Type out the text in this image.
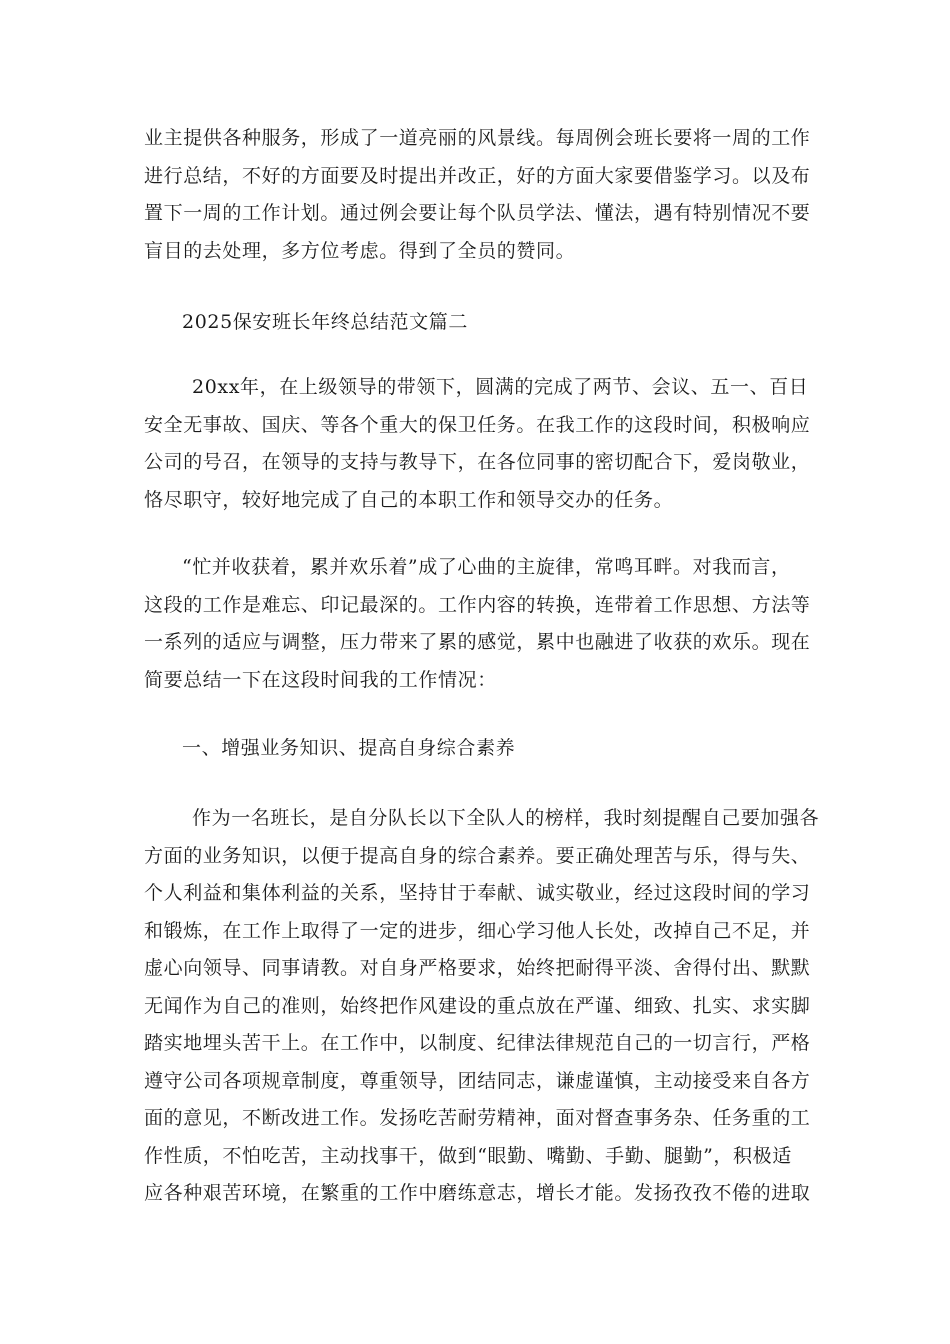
业主提供各种服务，形成了一道亮丽的风景线。每周例会班长要将一周的工作
进行总结，不好的方面要及时提出并改正，好的方面大家要借鉴学习。以及布
置下一周的工作计划。通过例会要让每个队员学法、懂法，遇有特别情况不要
盲目的去处理，多方位考虑。得到了全员的赞同。
2025保安班长年终总结范文篇二
20xx年，在上级领导的带领下，圆满的完成了两节、会议、五一、百日
安全无事故、国庆、等各个重大的保卫任务。在我工作的这段时间，积极响应
公司的号召，在领导的支持与教导下，在各位同事的密切配合下，爱岗敬业，
恪尽职守，较好地完成了自己的本职工作和领导交办的任务。
“忙并收获着，累并欢乐着”成了心曲的主旋律，常鸣耳畔。对我而言，
这段的工作是难忘、印记最深的。工作内容的转换，连带着工作思想、方法等
一系列的适应与调整，压力带来了累的感觉，累中也融进了收获的欢乐。现在
简要总结一下在这段时间我的工作情况：
一、增强业务知识、提高自身综合素养
作为一名班长，是自分队长以下全队人的榜样，我时刻提醒自己要加强各
方面的业务知识，以便于提高自身的综合素养。要正确处理苦与乐，得与失、
个人利益和集体利益的关系，坚持甘于奉献、诚实敬业，经过这段时间的学习
和锻炼，在工作上取得了一定的进步，细心学习他人长处，改掉自己不足，并
虚心向领导、同事请教。对自身严格要求，始终把耐得平淡、舍得付出、默默
无闻作为自己的准则，始终把作风建设的重点放在严谨、细致、扎实、求实脚
踏实地埋头苦干上。在工作中，以制度、纪律法律规范自己的一切言行，严格
遵守公司各项规章制度，尊重领导，团结同志，谦虚谨慎，主动接受来自各方
面的意见，不断改进工作。发扬吃苦耐劳精神，面对督查事务杂、任务重的工
作性质，不怕吃苦，主动找事干，做到“眼勤、嘴勤、手勤、腿勤”，积极适
应各种艰苦环境，在繁重的工作中磨练意志，增长才能。发扬孜孜不倦的进取
